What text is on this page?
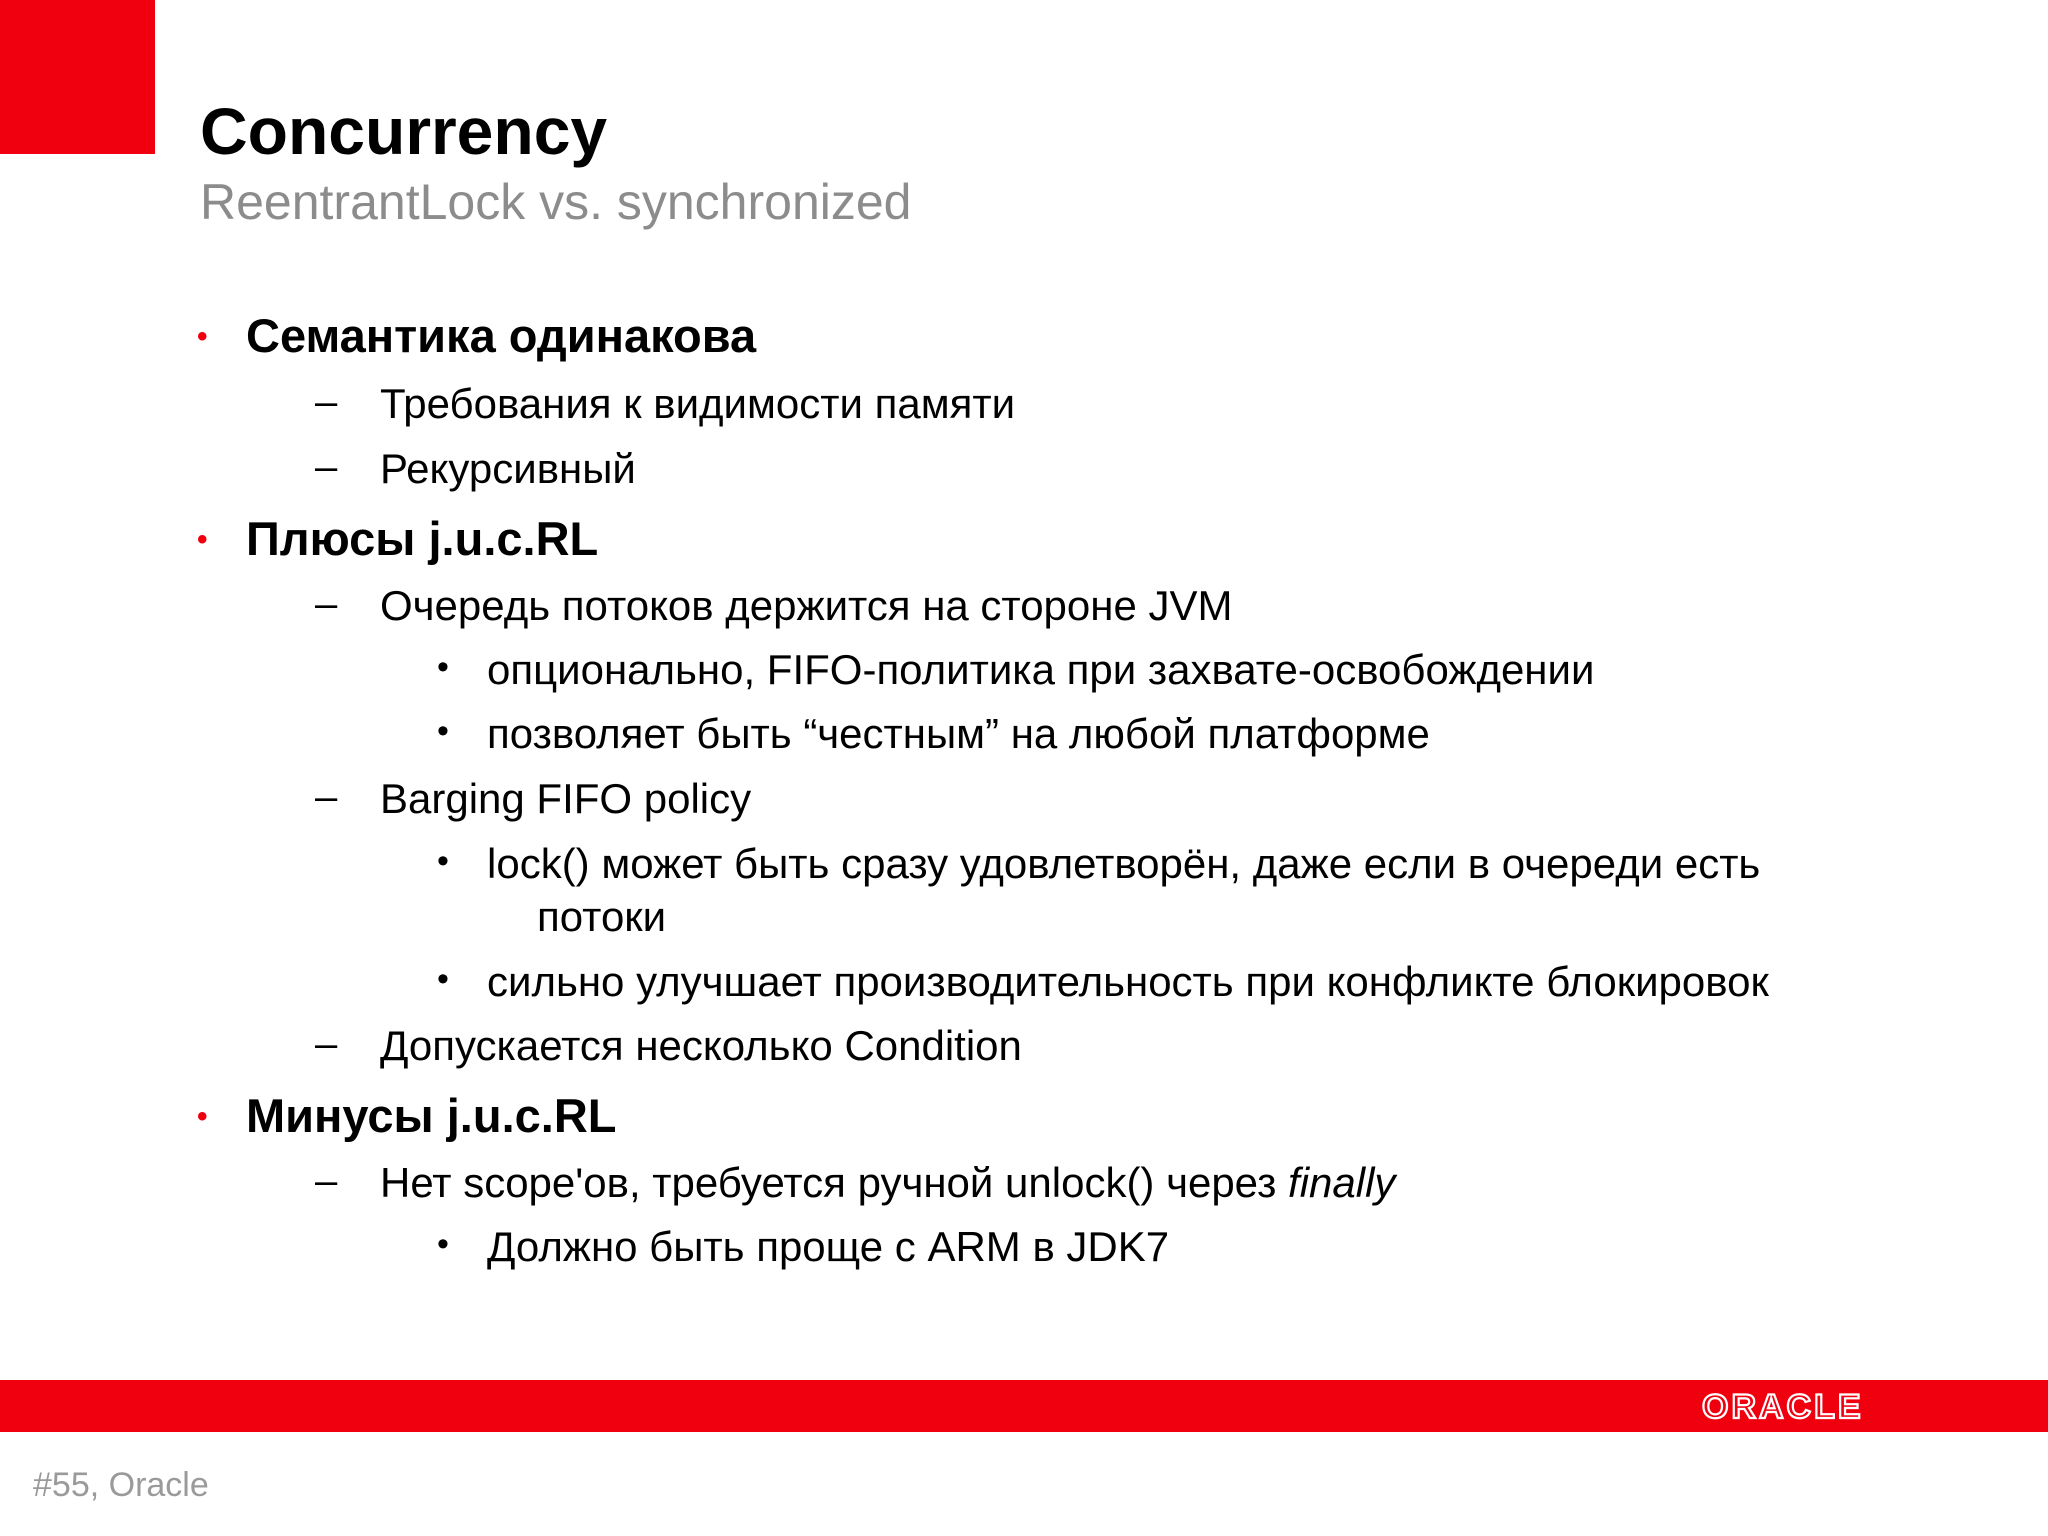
Concurrency
ReentrantLock vs. synchronized
• Семантика одинакова
– Требования к видимости памяти
– Рекурсивный
• Плюсы j.u.c.RL
– Очередь потоков держится на стороне JVM
• опционально, FIFO-политика при захвате-освобождении
• позволяет быть “честным” на любой платформе
– Barging FIFO policy
• lock() может быть сразу удовлетворён, даже если в очереди есть
потоки
• сильно улучшает производительность при конфликте блокировок
– Допускается несколько Condition
• Минусы j.u.c.RL
– Нет scope'ов, требуется ручной unlock() через finally
• Должно быть проще с ARM в JDK7
ORACLE
#55, Oracle
